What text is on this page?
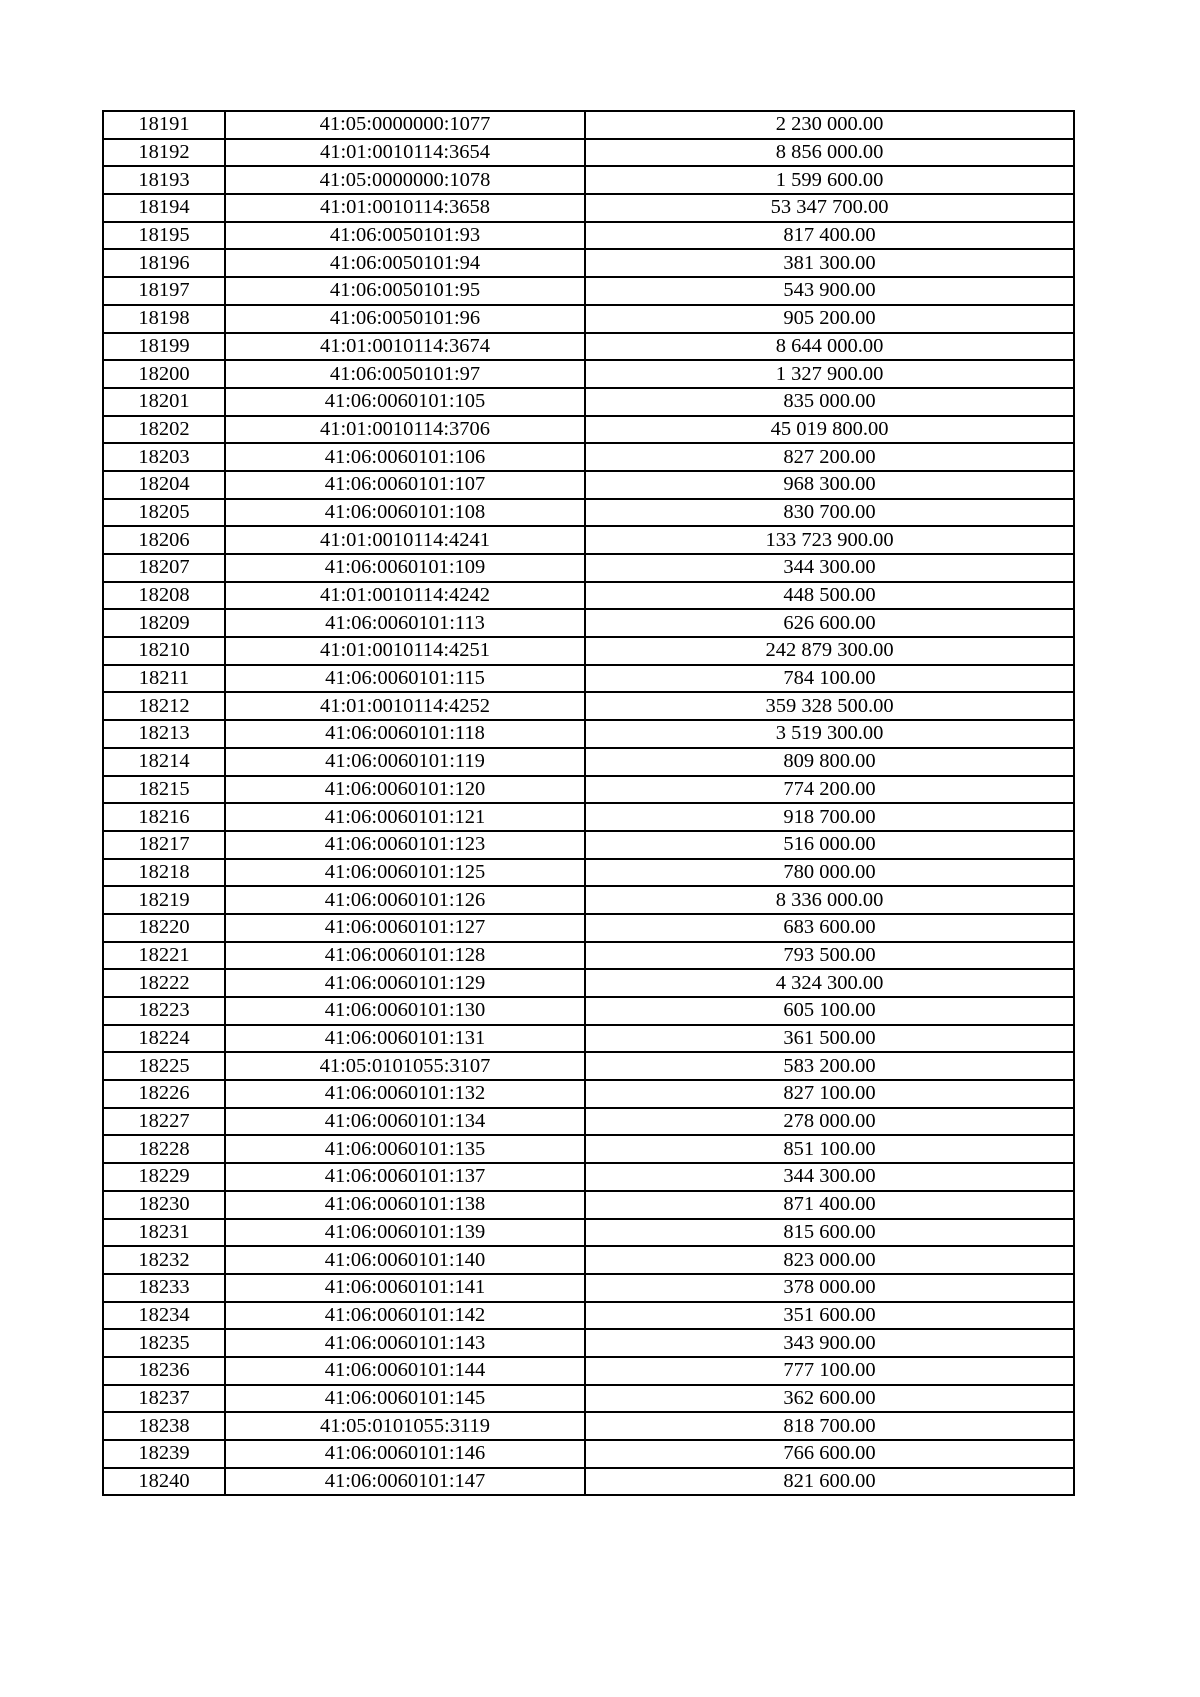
18191	41:05:0000000:1077	2 230 000.00
18192	41:01:0010114:3654	8 856 000.00
18193	41:05:0000000:1078	1 599 600.00
18194	41:01:0010114:3658	53 347 700.00
18195	41:06:0050101:93	817 400.00
18196	41:06:0050101:94	381 300.00
18197	41:06:0050101:95	543 900.00
18198	41:06:0050101:96	905 200.00
18199	41:01:0010114:3674	8 644 000.00
18200	41:06:0050101:97	1 327 900.00
18201	41:06:0060101:105	835 000.00
18202	41:01:0010114:3706	45 019 800.00
18203	41:06:0060101:106	827 200.00
18204	41:06:0060101:107	968 300.00
18205	41:06:0060101:108	830 700.00
18206	41:01:0010114:4241	133 723 900.00
18207	41:06:0060101:109	344 300.00
18208	41:01:0010114:4242	448 500.00
18209	41:06:0060101:113	626 600.00
18210	41:01:0010114:4251	242 879 300.00
18211	41:06:0060101:115	784 100.00
18212	41:01:0010114:4252	359 328 500.00
18213	41:06:0060101:118	3 519 300.00
18214	41:06:0060101:119	809 800.00
18215	41:06:0060101:120	774 200.00
18216	41:06:0060101:121	918 700.00
18217	41:06:0060101:123	516 000.00
18218	41:06:0060101:125	780 000.00
18219	41:06:0060101:126	8 336 000.00
18220	41:06:0060101:127	683 600.00
18221	41:06:0060101:128	793 500.00
18222	41:06:0060101:129	4 324 300.00
18223	41:06:0060101:130	605 100.00
18224	41:06:0060101:131	361 500.00
18225	41:05:0101055:3107	583 200.00
18226	41:06:0060101:132	827 100.00
18227	41:06:0060101:134	278 000.00
18228	41:06:0060101:135	851 100.00
18229	41:06:0060101:137	344 300.00
18230	41:06:0060101:138	871 400.00
18231	41:06:0060101:139	815 600.00
18232	41:06:0060101:140	823 000.00
18233	41:06:0060101:141	378 000.00
18234	41:06:0060101:142	351 600.00
18235	41:06:0060101:143	343 900.00
18236	41:06:0060101:144	777 100.00
18237	41:06:0060101:145	362 600.00
18238	41:05:0101055:3119	818 700.00
18239	41:06:0060101:146	766 600.00
18240	41:06:0060101:147	821 600.00
